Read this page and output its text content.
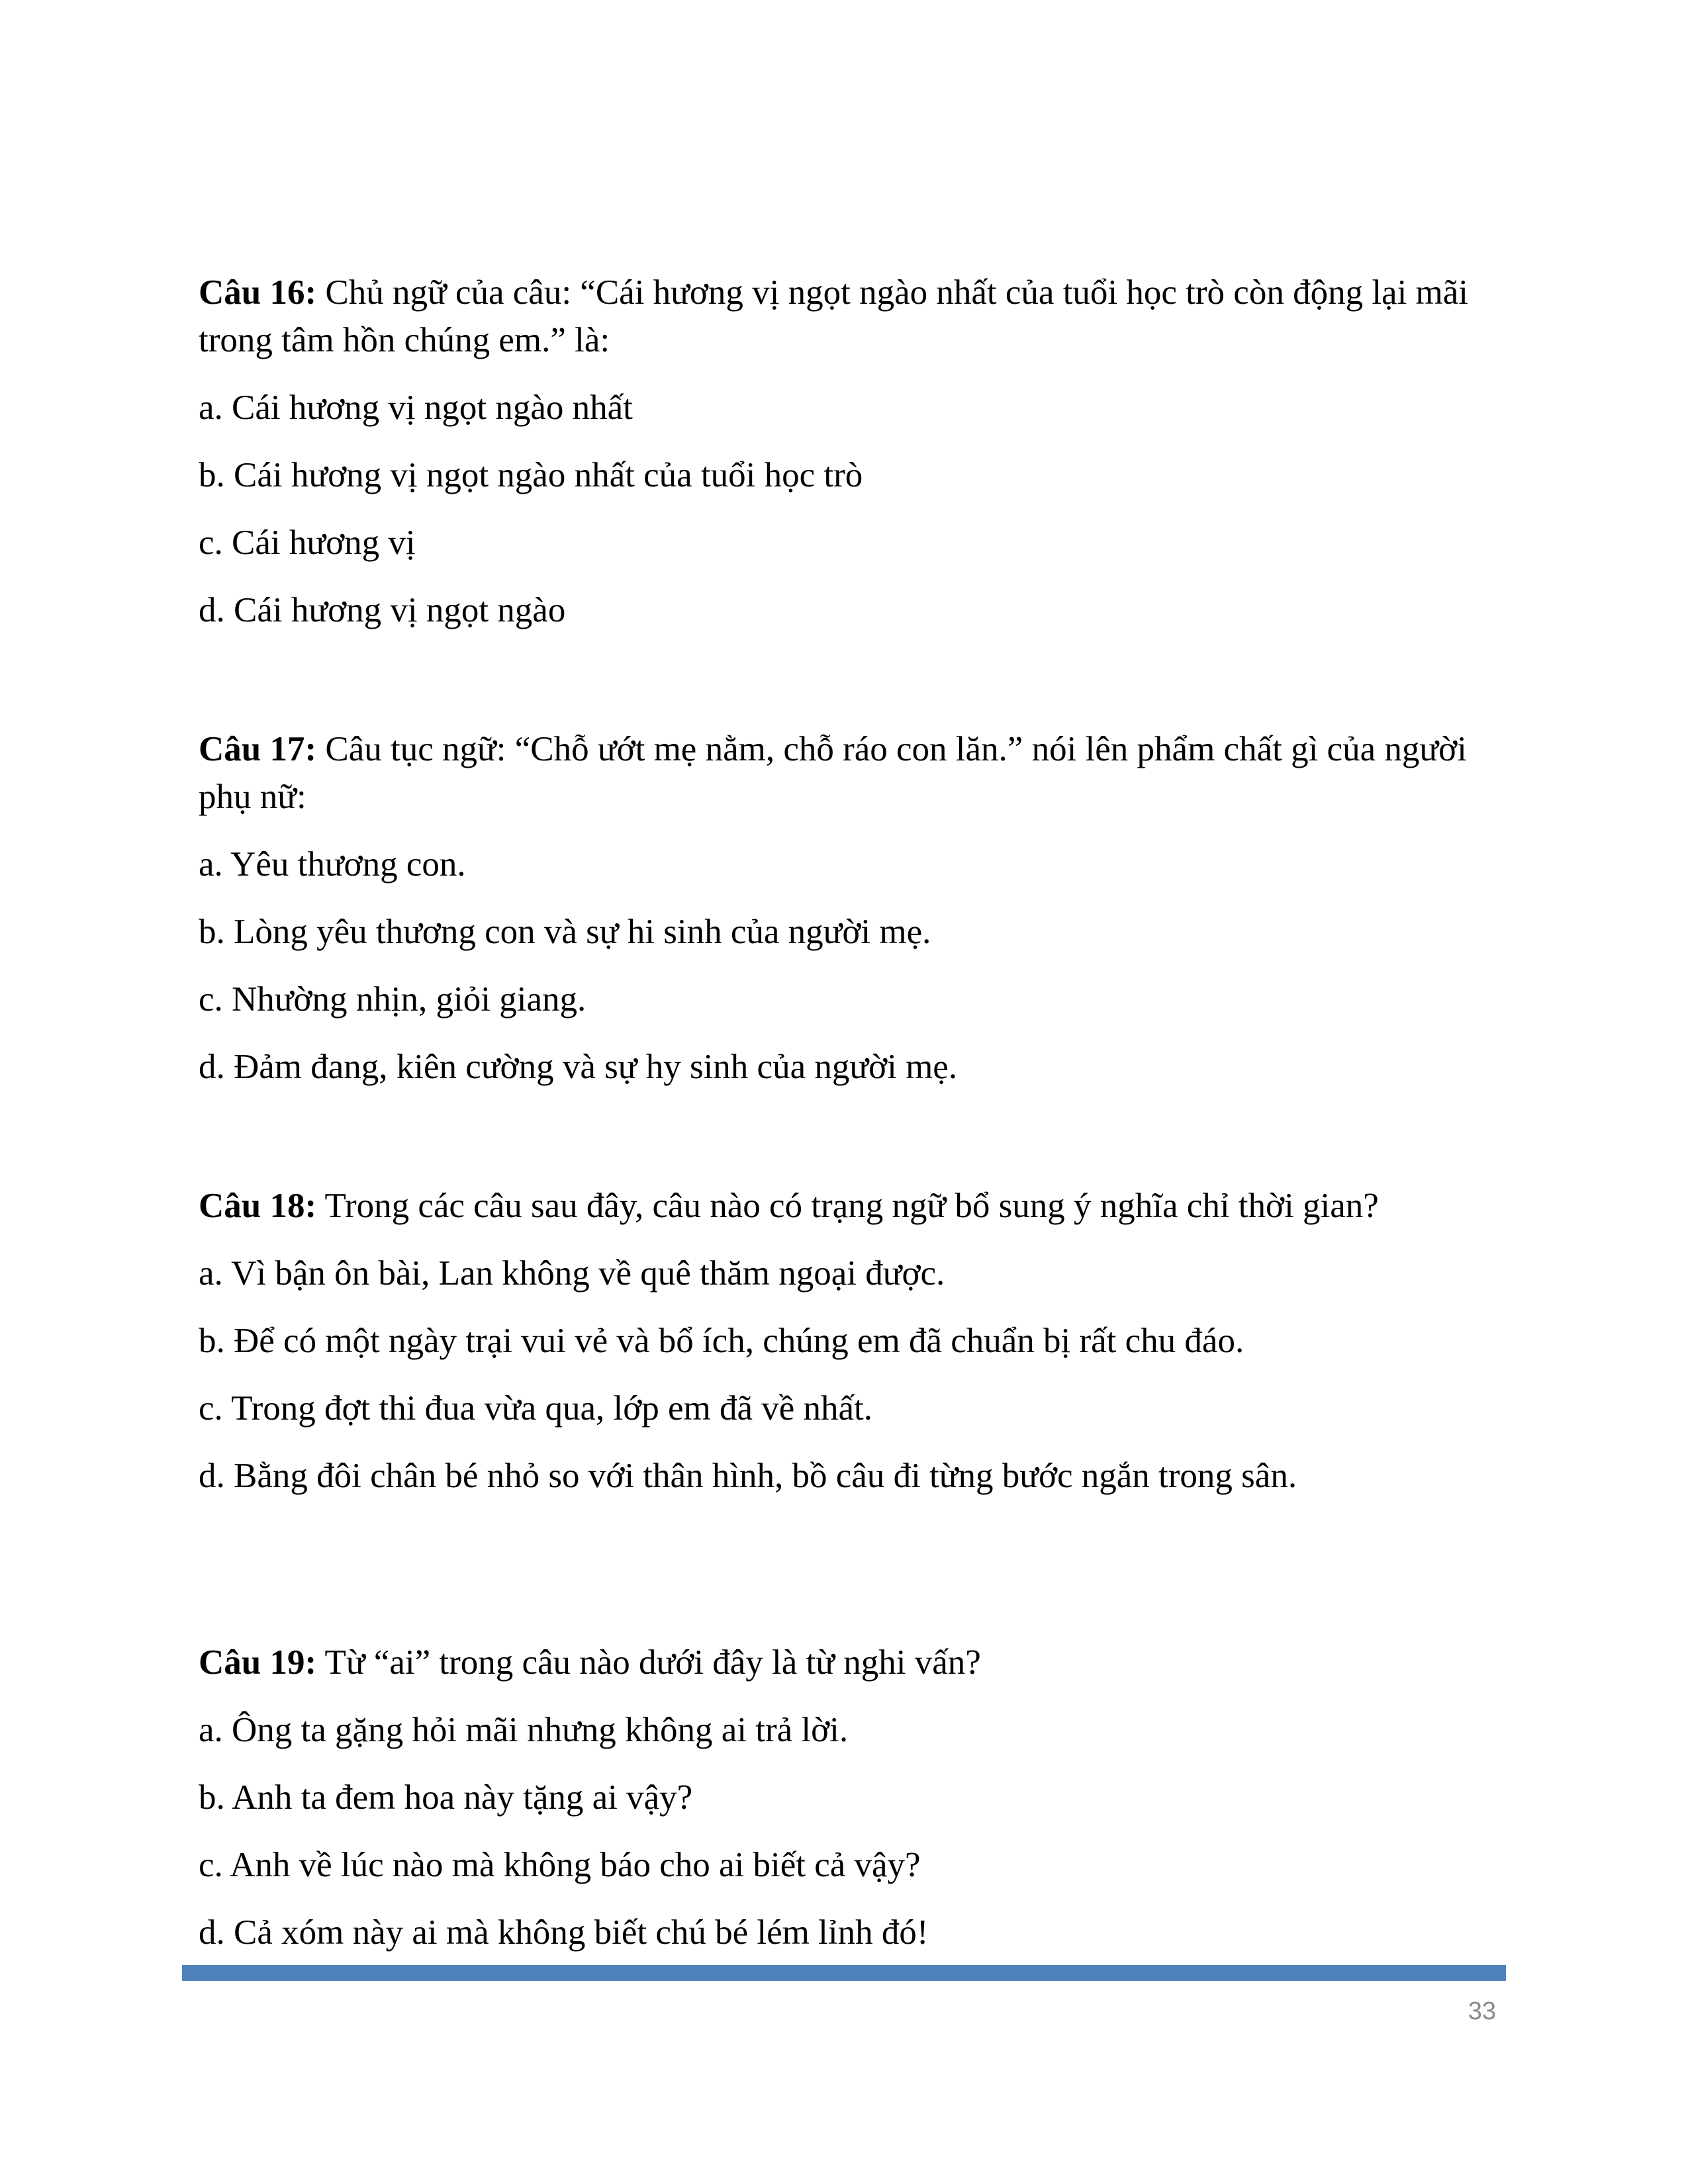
Câu 16: Chủ ngữ của câu: “Cái hương vị ngọt ngào nhất của tuổi học trò còn động lại mãi trong tâm hồn chúng em.” là:

a. Cái hương vị ngọt ngào nhất

b. Cái hương vị ngọt ngào nhất của tuổi học trò

c. Cái hương vị

d. Cái hương vị ngọt ngào

Câu 17: Câu tục ngữ: “Chỗ ướt mẹ nằm, chỗ ráo con lăn.” nói lên phẩm chất gì của người phụ nữ:

a. Yêu thương con.

b. Lòng yêu thương con và sự hi sinh của người mẹ.

c. Nhường nhịn, giỏi giang.

d. Đảm đang, kiên cường và sự hy sinh của người mẹ.

Câu 18: Trong các câu sau đây, câu nào có trạng ngữ bổ sung ý nghĩa chỉ thời gian?

a. Vì bận ôn bài, Lan không về quê thăm ngoại được.

b. Để có một ngày trại vui vẻ và bổ ích, chúng em đã chuẩn bị rất chu đáo.

c. Trong đợt thi đua vừa qua, lớp em đã về nhất.

d. Bằng đôi chân bé nhỏ so với thân hình, bồ câu đi từng bước ngắn trong sân.

Câu 19: Từ “ai” trong câu nào dưới đây là từ nghi vấn?

a. Ông ta gặng hỏi mãi nhưng không ai trả lời.

b. Anh ta đem hoa này tặng ai vậy?

c. Anh về lúc nào mà không báo cho ai biết cả vậy?

d. Cả xóm này ai mà không biết chú bé lém lỉnh đó!

33
